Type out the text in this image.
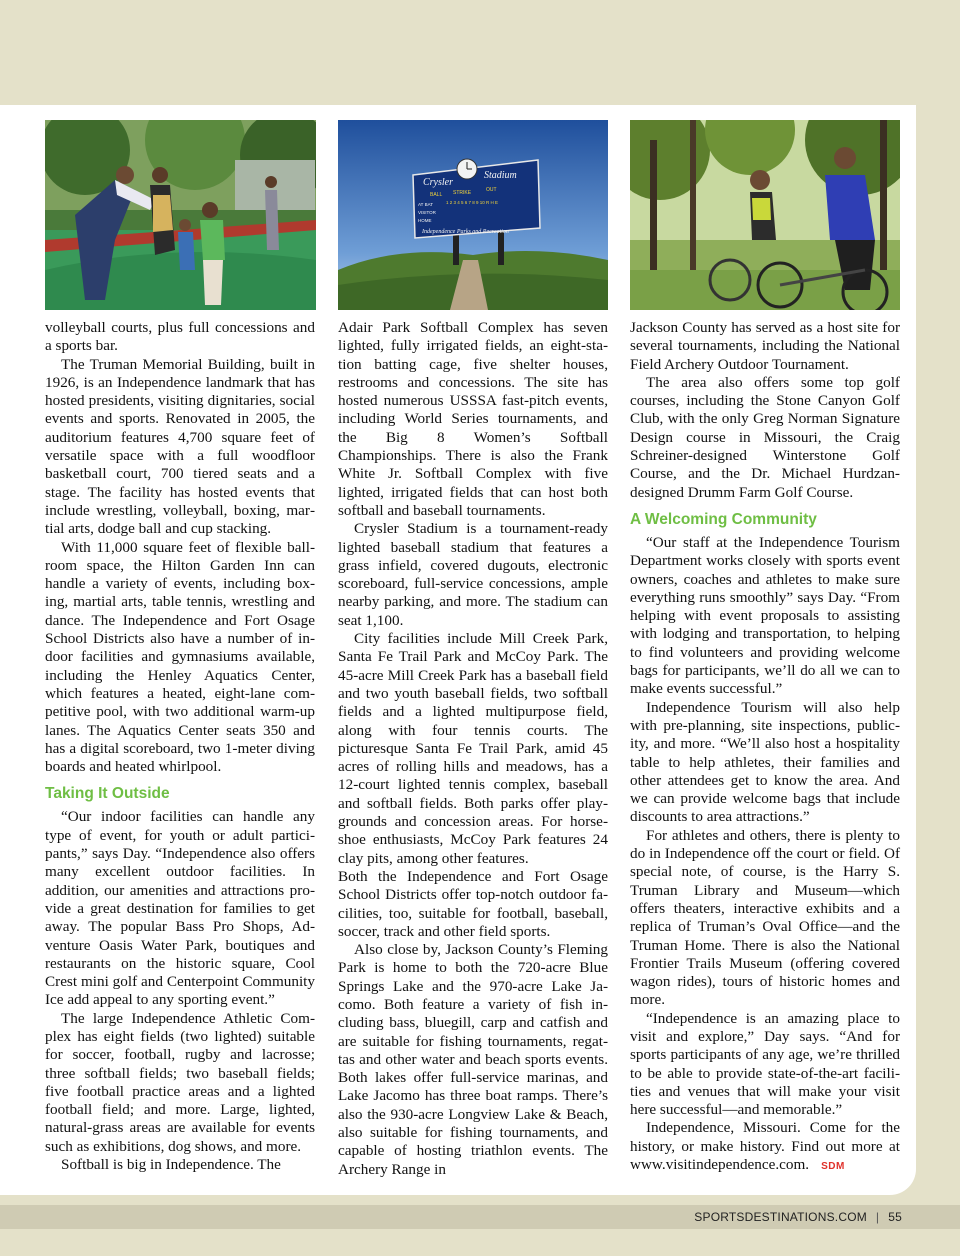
Crysler
Stadium
BALL STRIKE	OUT
AT BAT	1 2 3 4 5 6 7 8 9 10 R H E
VISITOR
HOME
Independence Parks and Recreation

volleyball courts, plus full concessions and a sports bar.

The Truman Memorial Building, built in 1926, is an Independence landmark that has hosted presidents, visiting dignitaries, social events and sports. Renovated in 2005, the auditorium features 4,700 square feet of versatile space with a full woodfloor basketball court, 700 tiered seats and a stage. The facility has hosted events that include wrestling, volleyball, boxing, martial arts, dodge ball and cup stacking.

With 11,000 square feet of flexible ballroom space, the Hilton Garden Inn can handle a variety of events, including boxing, martial arts, table tennis, wrestling and dance. The Independence and Fort Osage School Districts also have a number of indoor facilities and gymnasiums available, including the Henley Aquatics Center, which features a heated, eight-lane competitive pool, with two additional warm-up lanes. The Aquatics Center seats 350 and has a digital scoreboard, two 1-meter diving boards and heated whirlpool.

Taking It Outside

“Our indoor facilities can handle any type of event, for youth or adult participants,” says Day. “Independence also offers many excellent outdoor facilities. In addition, our amenities and attractions provide a great destination for families to get away. The popular Bass Pro Shops, Adventure Oasis Water Park, boutiques and restaurants on the historic square, Cool Crest mini golf and Centerpoint Community Ice add appeal to any sporting event.”

The large Independence Athletic Complex has eight fields (two lighted) suitable for soccer, football, rugby and lacrosse; three softball fields; two baseball fields; five football practice areas and a lighted football field; and more. Large, lighted, natural-grass areas are available for events such as exhibitions, dog shows, and more.

Softball is big in Independence. The

Adair Park Softball Complex has seven lighted, fully irrigated fields, an eight-station batting cage, five shelter houses, restrooms and concessions. The site has hosted numerous USSSA fast-pitch events, including World Series tournaments, and the Big 8 Women’s Softball Championships. There is also the Frank White Jr. Softball Complex with five lighted, irrigated fields that can host both softball and baseball tournaments.

Crysler Stadium is a tournament-ready lighted baseball stadium that features a grass infield, covered dugouts, electronic scoreboard, full-service concessions, ample nearby parking, and more. The stadium can seat 1,100.

City facilities include Mill Creek Park, Santa Fe Trail Park and McCoy Park. The 45-acre Mill Creek Park has a baseball field and two youth baseball fields, two softball fields and a lighted multipurpose field, along with four tennis courts. The picturesque Santa Fe Trail Park, amid 45 acres of rolling hills and meadows, has a 12-court lighted tennis complex, baseball and softball fields. Both parks offer playgrounds and concession areas. For horseshoe enthusiasts, McCoy Park features 24 clay pits, among other features.

Both the Independence and Fort Osage School Districts offer top-notch outdoor facilities, too, suitable for football, baseball, soccer, track and other field sports.

Also close by, Jackson County’s Fleming Park is home to both the 720-acre Blue Springs Lake and the 970-acre Lake Jacomo. Both feature a variety of fish including bass, bluegill, carp and catfish and are suitable for fishing tournaments, regattas and other water and beach sports events. Both lakes offer full-service marinas, and Lake Jacomo has three boat ramps. There’s also the 930-acre Longview Lake & Beach, also suitable for fishing tournaments, and capable of hosting triathlon events. The Archery Range in

Jackson County has served as a host site for several tournaments, including the National Field Archery Outdoor Tournament.

The area also offers some top golf courses, including the Stone Canyon Golf Club, with the only Greg Norman Signature Design course in Missouri, the Craig Schreiner-designed Winterstone Golf Course, and the Dr. Michael Hurdzan-designed Drumm Farm Golf Course.

A Welcoming Community

“Our staff at the Independence Tourism Department works closely with sports event owners, coaches and athletes to make sure everything runs smoothly” says Day. “From helping with event proposals to assisting with lodging and transportation, to helping to find volunteers and providing welcome bags for participants, we’ll do all we can to make events successful.”

Independence Tourism will also help with pre-planning, site inspections, publicity, and more. “We’ll also host a hospitality table to help athletes, their families and other attendees get to know the area. And we can provide welcome bags that include discounts to area attractions.”

For athletes and others, there is plenty to do in Independence off the court or field. Of special note, of course, is the Harry S. Truman Library and Museum—which offers theaters, interactive exhibits and a replica of Truman’s Oval Office—and the Truman Home. There is also the National Frontier Trails Museum (offering covered wagon rides), tours of historic homes and more.

“Independence is an amazing place to visit and explore,” Day says. “And for sports participants of any age, we’re thrilled to be able to provide state-of-the-art facilities and venues that will make your visit here successful—and memorable.”

Independence, Missouri. Come for the history, or make history. Find out more at www.visitindependence.com. SDM

SPORTSDESTINATIONS.COM | 55
